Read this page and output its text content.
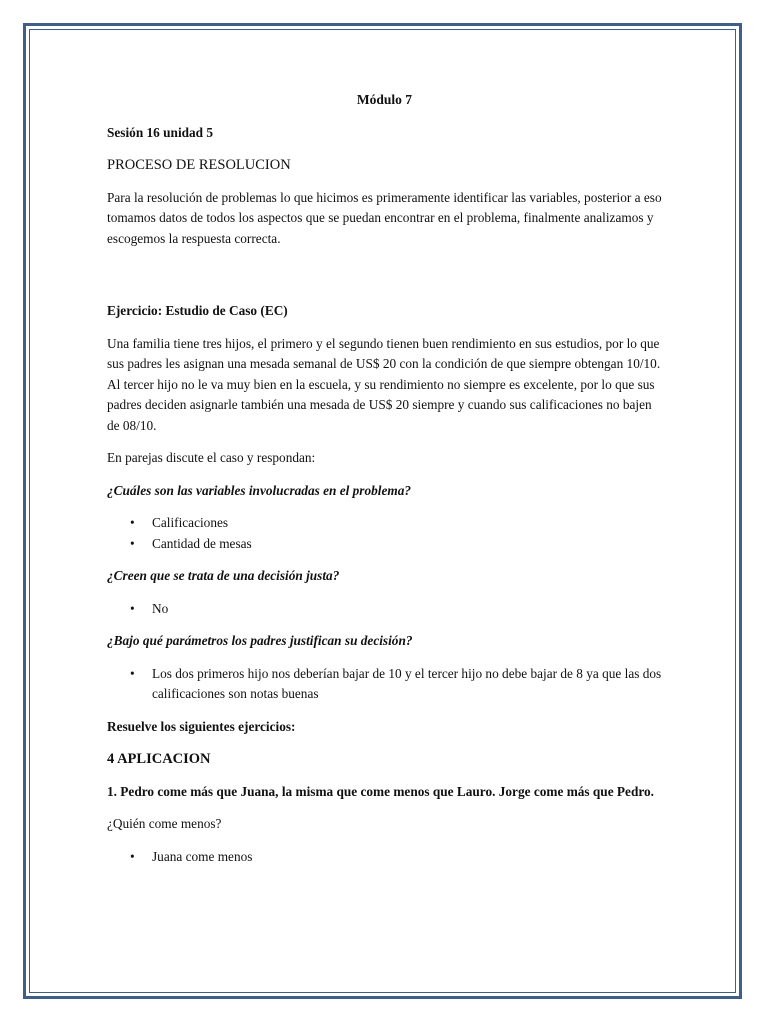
Módulo 7

Sesión 16 unidad 5

PROCESO DE RESOLUCION

Para la resolución de problemas lo que hicimos es primeramente identificar las variables, posterior a eso tomamos datos de todos los aspectos que se puedan encontrar en el problema, finalmente analizamos y escogemos la respuesta correcta.

Ejercicio: Estudio de Caso (EC)

Una familia tiene tres hijos, el primero y el segundo tienen buen rendimiento en sus estudios, por lo que sus padres les asignan una mesada semanal de US$ 20 con la condición de que siempre obtengan 10/10. Al tercer hijo no le va muy bien en la escuela, y su rendimiento no siempre es excelente, por lo que sus padres deciden asignarle también una mesada de US$ 20 siempre y cuando sus calificaciones no bajen de 08/10.

En parejas discute el caso y respondan:

¿Cuáles son las variables involucradas en el problema?

• Calificaciones
• Cantidad de mesas

¿Creen que se trata de una decisión justa?

• No

¿Bajo qué parámetros los padres justifican su decisión?

• Los dos primeros hijo nos deberían bajar de 10 y el tercer hijo no debe bajar de 8 ya que las dos calificaciones son notas buenas

Resuelve los siguientes ejercicios:

4 APLICACION

1. Pedro come más que Juana, la misma que come menos que Lauro. Jorge come más que Pedro.

¿Quién come menos?

• Juana come menos
